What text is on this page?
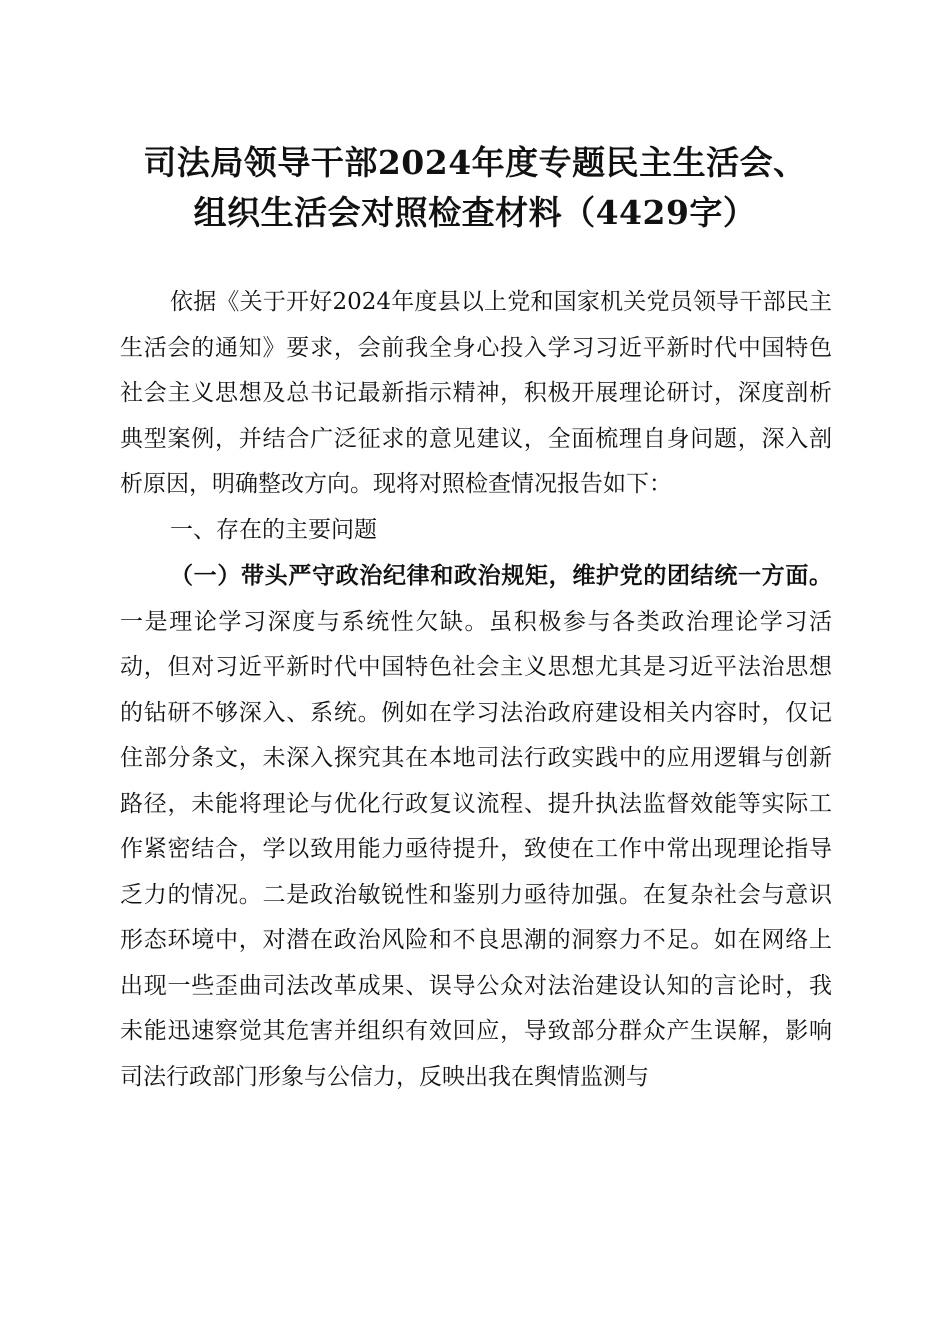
司法局领导干部2024年度专题民主生活会、
组织生活会对照检查材料（4429字）

依据《关于开好2024年度县以上党和国家机关党员领导干部民主生活会的通知》要求，会前我全身心投入学习习近平新时代中国特色社会主义思想及总书记最新指示精神，积极开展理论研讨，深度剖析典型案例，并结合广泛征求的意见建议，全面梳理自身问题，深入剖析原因，明确整改方向。现将对照检查情况报告如下：

一、存在的主要问题

（一）带头严守政治纪律和政治规矩，维护党的团结统一方面。一是理论学习深度与系统性欠缺。虽积极参与各类政治理论学习活动，但对习近平新时代中国特色社会主义思想尤其是习近平法治思想的钻研不够深入、系统。例如在学习法治政府建设相关内容时，仅记住部分条文，未深入探究其在本地司法行政实践中的应用逻辑与创新路径，未能将理论与优化行政复议流程、提升执法监督效能等实际工作紧密结合，学以致用能力亟待提升，致使在工作中常出现理论指导乏力的情况。二是政治敏锐性和鉴别力亟待加强。在复杂社会与意识形态环境中，对潜在政治风险和不良思潮的洞察力不足。如在网络上出现一些歪曲司法改革成果、误导公众对法治建设认知的言论时，我未能迅速察觉其危害并组织有效回应，导致部分群众产生误解，影响司法行政部门形象与公信力，反映出我在舆情监测与
